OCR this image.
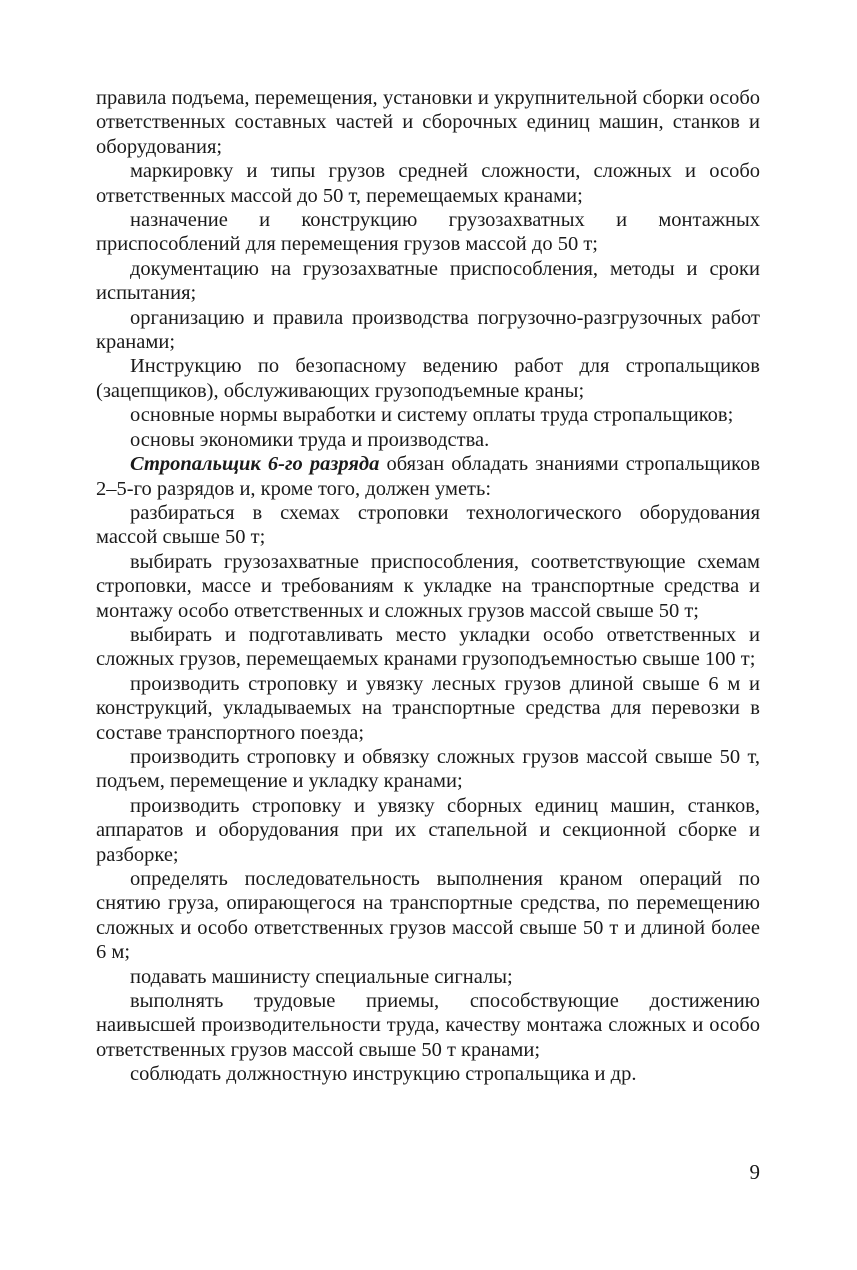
правила подъема, перемещения, установки и укрупнительной сборки особо ответственных составных частей и сборочных единиц машин, станков и оборудования;

маркировку и типы грузов средней сложности, сложных и особо ответственных массой до 50 т, перемещаемых кранами;

назначение и конструкцию грузозахватных и монтажных приспособлений для перемещения грузов массой до 50 т;

документацию на грузозахватные приспособления, методы и сроки испытания;

организацию и правила производства погрузочно-разгрузочных работ кранами;

Инструкцию по безопасному ведению работ для стропальщиков (зацепщиков), обслуживающих грузоподъемные краны;

основные нормы выработки и систему оплаты труда стропальщиков;

основы экономики труда и производства.

Стропальщик 6-го разряда обязан обладать знаниями стропальщиков 2–5-го разрядов и, кроме того, должен уметь:

разбираться в схемах строповки технологического оборудования массой свыше 50 т;

выбирать грузозахватные приспособления, соответствующие схемам строповки, массе и требованиям к укладке на транспортные средства и монтажу особо ответственных и сложных грузов массой свыше 50 т;

выбирать и подготавливать место укладки особо ответственных и сложных грузов, перемещаемых кранами грузоподъемностью свыше 100 т;

производить строповку и увязку лесных грузов длиной свыше 6 м и конструкций, укладываемых на транспортные средства для перевозки в составе транспортного поезда;

производить строповку и обвязку сложных грузов массой свыше 50 т, подъем, перемещение и укладку кранами;

производить строповку и увязку сборных единиц машин, станков, аппаратов и оборудования при их стапельной и секционной сборке и разборке;

определять последовательность выполнения краном операций по снятию груза, опирающегося на транспортные средства, по перемещению сложных и особо ответственных грузов массой свыше 50 т и длиной более 6 м;

подавать машинисту специальные сигналы;

выполнять трудовые приемы, способствующие достижению наивысшей производительности труда, качеству монтажа сложных и особо ответственных грузов массой свыше 50 т кранами;

соблюдать должностную инструкцию стропальщика и др.

9
